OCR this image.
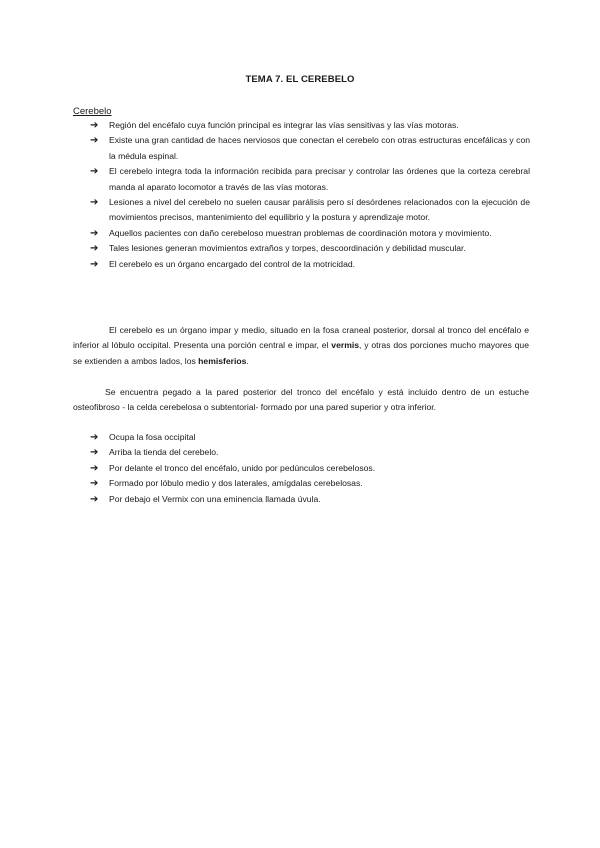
TEMA 7. EL CEREBELO
Cerebelo
➔ Región del encéfalo cuya función principal es integrar las vías sensitivas y las vías motoras.
➔ Existe una gran cantidad de haces nerviosos que conectan el cerebelo con otras estructuras encefálicas y con la médula espinal.
➔ El cerebelo integra toda la información recibida para precisar y controlar las órdenes que la corteza cerebral manda al aparato locomotor a través de las vías motoras.
➔ Lesiones a nivel del cerebelo no suelen causar parálisis pero sí desórdenes relacionados con la ejecución de movimientos precisos, mantenimiento del equilibrio y la postura y aprendizaje motor.
➔ Aquellos pacientes con daño cerebeloso muestran problemas de coordinación motora y movimiento.
➔ Tales lesiones generan movimientos extraños y torpes, descoordinación y debilidad muscular.
➔ El cerebelo es un órgano encargado del control de la motricidad.

El cerebelo es un órgano impar y medio, situado en la fosa craneal posterior, dorsal al tronco del encéfalo e inferior al lóbulo occipital. Presenta una porción central e impar, el vermis, y otras dos porciones mucho mayores que se extienden a ambos lados, los hemisferios.

Se encuentra pegado a la pared posterior del tronco del encéfalo y está incluido dentro de un estuche osteofibroso - la celda cerebelosa o subtentorial- formado por una pared superior y otra inferior.

➔ Ocupa la fosa occipital
➔ Arriba la tienda del cerebelo.
➔ Por delante el tronco del encéfalo, unido por pedúnculos cerebelosos.
➔ Formado por lóbulo medio y dos laterales, amígdalas cerebelosas.
➔ Por debajo el Vermix con una eminencia llamada úvula.
